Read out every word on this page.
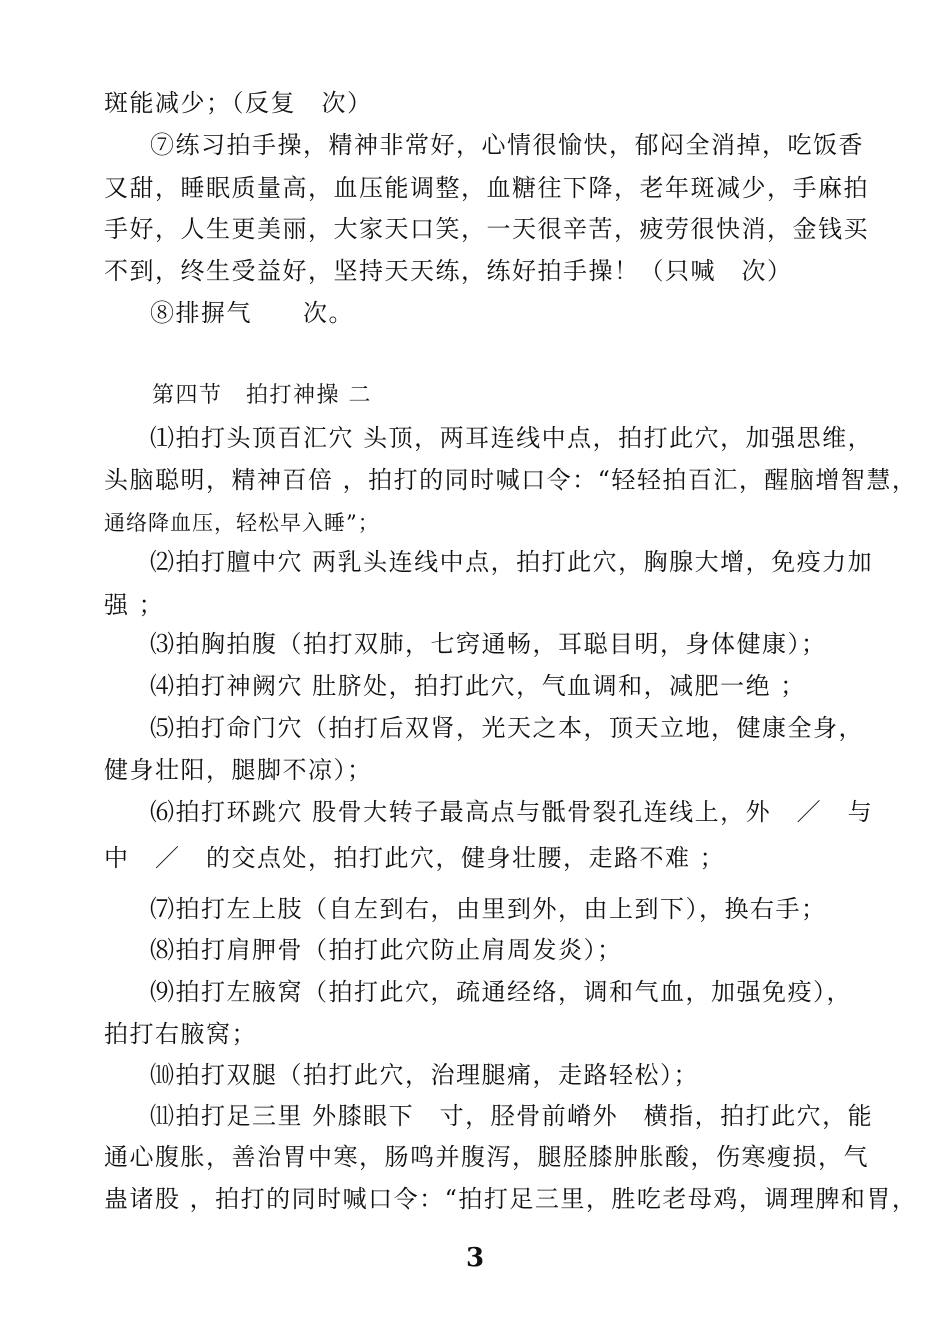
斑能减少；（反复　次）
⑦练习拍手操，精神非常好，心情很愉快，郁闷全消掉，吃饭香
又甜，睡眠质量高，血压能调整，血糖往下降，老年斑减少，手麻拍
手好，人生更美丽，大家天口笑，一天很辛苦，疲劳很快消，金钱买
不到，终生受益好，坚持天天练，练好拍手操！（只喊　次）
⑧排摒气　　次。
第四节　拍打神操 二
⑴拍打头顶百汇穴 头顶，两耳连线中点，拍打此穴，加强思维，
头脑聪明，精神百倍 ，拍打的同时喊口令：“轻轻拍百汇，醒脑增智慧，
通络降血压，轻松早入睡”；
⑵拍打膻中穴 两乳头连线中点，拍打此穴，胸腺大增，免疫力加
强 ；
⑶拍胸拍腹（拍打双肺，七窍通畅，耳聪目明，身体健康）；
⑷拍打神阙穴 肚脐处，拍打此穴，气血调和，减肥一绝 ；
⑸拍打命门穴（拍打后双肾，光天之本，顶天立地，健康全身，
健身壮阳，腿脚不凉）；
⑹拍打环跳穴 股骨大转子最高点与骶骨裂孔连线上，外　／　与
中　／　的交点处，拍打此穴，健身壮腰，走路不难 ；
⑺拍打左上肢（自左到右，由里到外，由上到下），换右手；
⑻拍打肩胛骨（拍打此穴防止肩周发炎）；
⑼拍打左腋窝（拍打此穴，疏通经络，调和气血，加强免疫），
拍打右腋窝；
⑽拍打双腿（拍打此穴，治理腿痛，走路轻松）；
⑾拍打足三里 外膝眼下　寸，胫骨前嵴外　横指，拍打此穴，能
通心腹胀，善治胃中寒，肠鸣并腹泻，腿胫膝肿胀酸，伤寒瘦损，气
蛊诸股 ，拍打的同时喊口令：“拍打足三里，胜吃老母鸡，调理脾和胃，
3
